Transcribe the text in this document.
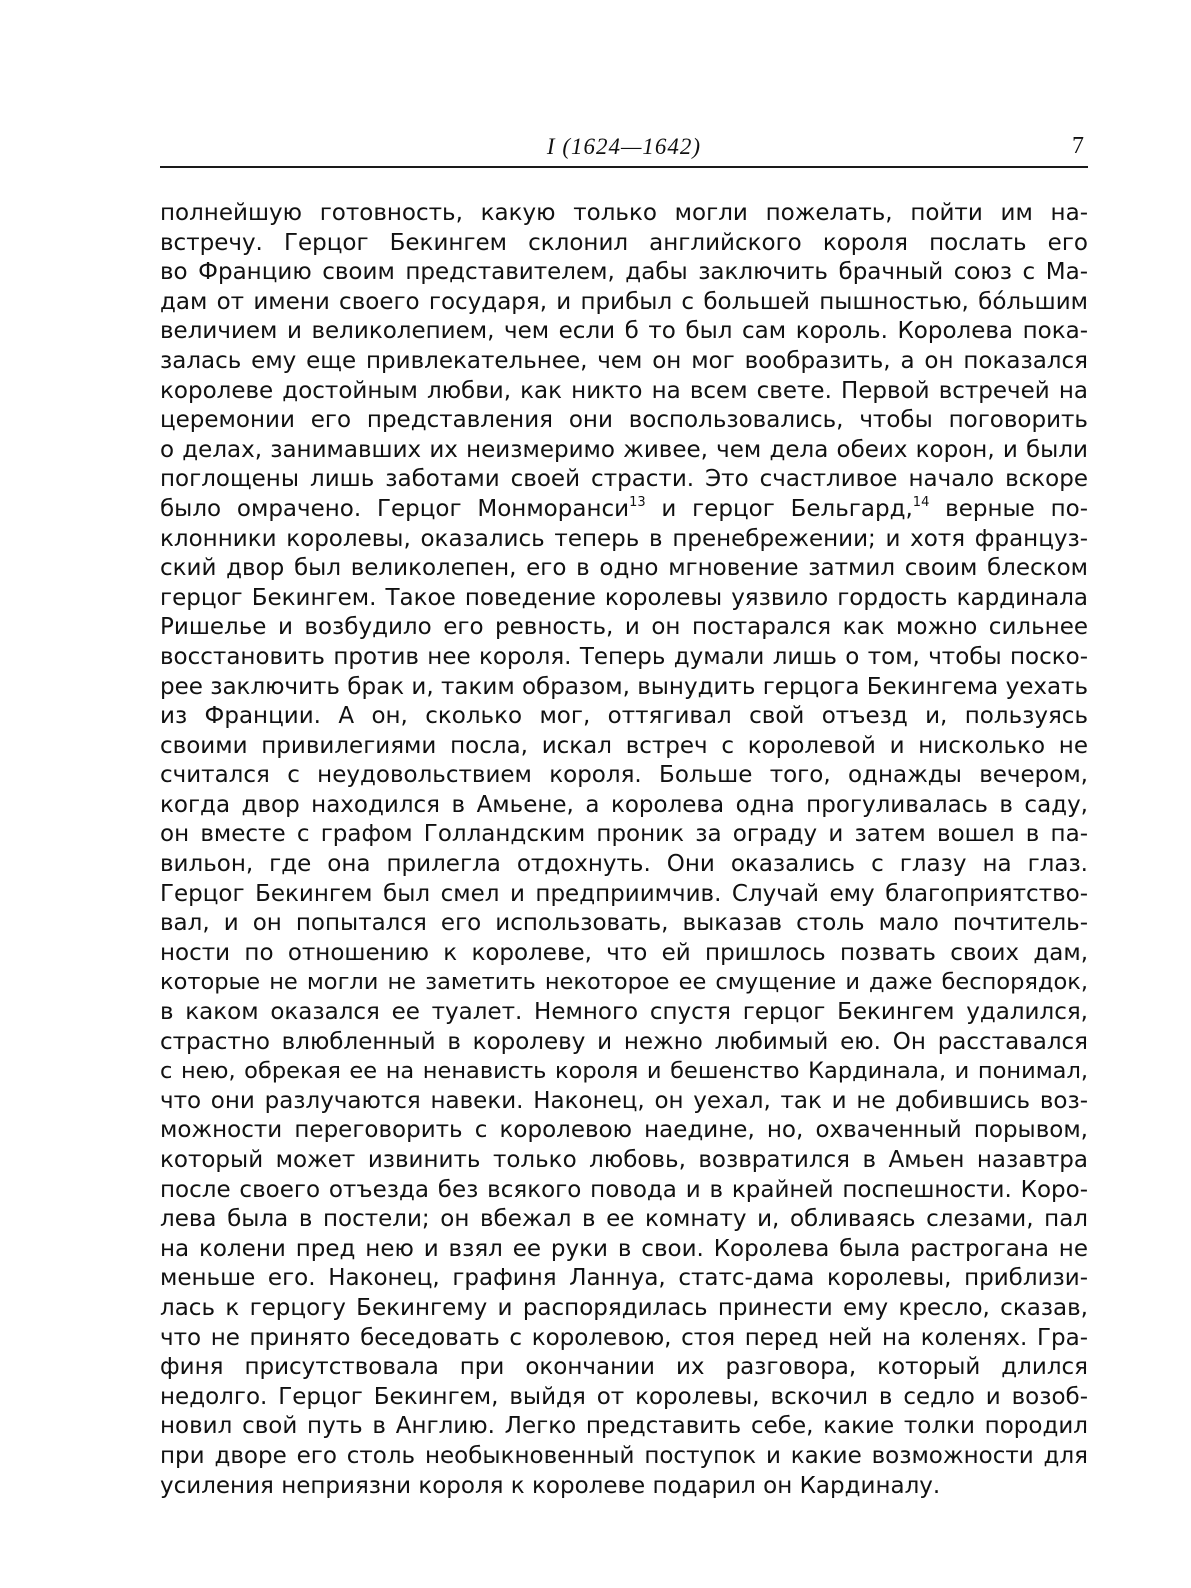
I (1624—1642)	7
полнейшую готовность, какую только могли пожелать, пойти им на-
встречу. Герцог Бекингем склонил английского короля послать его
во Францию своим представителем, дабы заключить брачный союз с Ма-
дам от имени своего государя, и прибыл с большей пышностью, бо́льшим
величием и великолепием, чем если б то был сам король. Королева пока-
залась ему еще привлекательнее, чем он мог вообразить, а он показался
королеве достойным любви, как никто на всем свете. Первой встречей на
церемонии его представления они воспользовались, чтобы поговорить
о делах, занимавших их неизмеримо живее, чем дела обеих корон, и были
поглощены лишь заботами своей страсти. Это счастливое начало вскоре
было омрачено. Герцог Монморанси$^{13}$ и герцог Бельгард,$^{14}$ верные по-
клонники королевы, оказались теперь в пренебрежении; и хотя француз-
ский двор был великолепен, его в одно мгновение затмил своим блеском
герцог Бекингем. Такое поведение королевы уязвило гордость кардинала
Ришелье и возбудило его ревность, и он постарался как можно сильнее
восстановить против нее короля. Теперь думали лишь о том, чтобы поско-
рее заключить брак и, таким образом, вынудить герцога Бекингема уехать
из Франции. А он, сколько мог, оттягивал свой отъезд и, пользуясь
своими привилегиями посла, искал встреч с королевой и нисколько не
считался с неудовольствием короля. Больше того, однажды вечером,
когда двор находился в Амьене, а королева одна прогуливалась в саду,
он вместе с графом Голландским проник за ограду и затем вошел в па-
вильон, где она прилегла отдохнуть. Они оказались с глазу на глаз.
Герцог Бекингем был смел и предприимчив. Случай ему благоприятство-
вал, и он попытался его использовать, выказав столь мало почтитель-
ности по отношению к королеве, что ей пришлось позвать своих дам,
которые не могли не заметить некоторое ее смущение и даже беспорядок,
в каком оказался ее туалет. Немного спустя герцог Бекингем удалился,
страстно влюбленный в королеву и нежно любимый ею. Он расставался
с нею, обрекая ее на ненависть короля и бешенство Кардинала, и понимал,
что они разлучаются навеки. Наконец, он уехал, так и не добившись воз-
можности переговорить с королевою наедине, но, охваченный порывом,
который может извинить только любовь, возвратился в Амьен назавтра
после своего отъезда без всякого повода и в крайней поспешности. Коро-
лева была в постели; он вбежал в ее комнату и, обливаясь слезами, пал
на колени пред нею и взял ее руки в свои. Королева была растрогана не
меньше его. Наконец, графиня Ланнуа, статс-дама королевы, приблизи-
лась к герцогу Бекингему и распорядилась принести ему кресло, сказав,
что не принято беседовать с королевою, стоя перед ней на коленях. Гра-
финя присутствовала при окончании их разговора, который длился
недолго. Герцог Бекингем, выйдя от королевы, вскочил в седло и возоб-
новил свой путь в Англию. Легко представить себе, какие толки породил
при дворе его столь необыкновенный поступок и какие возможности для
усиления неприязни короля к королеве подарил он Кардиналу.
